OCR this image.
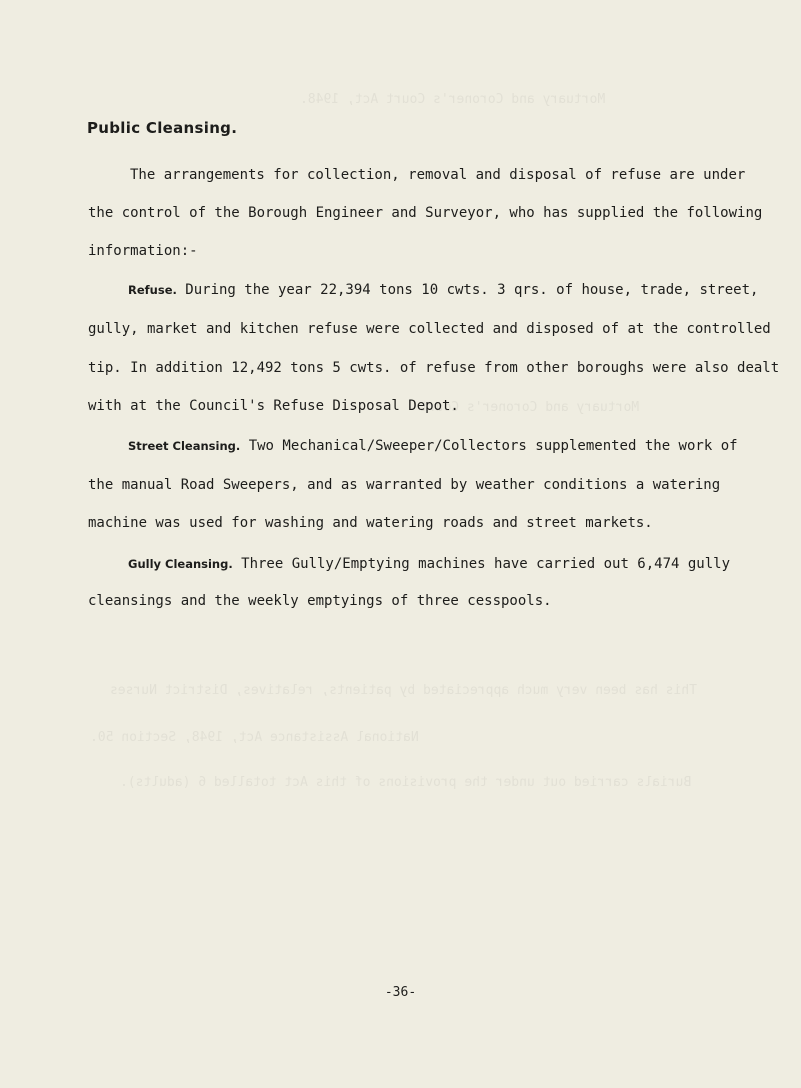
Mortuary and Coroner's Court Act, 1948.
Mortuary and Coroner's Court
This has been very much appreciated by patients, relatives, District Nurses
National Assistance Act, 1948, Section 50.
Burials carried out under the provisions of this Act totalled 6 (adults).
Public Cleansing.
The arrangements for collection, removal and disposal of refuse are under
the control of the Borough Engineer and Surveyor, who has supplied the following
information:-
Refuse. During the year 22,394 tons 10 cwts. 3 qrs. of house, trade, street,
gully, market and kitchen refuse were collected and disposed of at the controlled
tip. In addition 12,492 tons 5 cwts. of refuse from other boroughs were also dealt
with at the Council's Refuse Disposal Depot.
Street Cleansing. Two Mechanical/Sweeper/Collectors supplemented the work of
the manual Road Sweepers, and as warranted by weather conditions a watering
machine was used for washing and watering roads and street markets.
Gully Cleansing. Three Gully/Emptying machines have carried out 6,474 gully
cleansings and the weekly emptyings of three cesspools.
-36-
